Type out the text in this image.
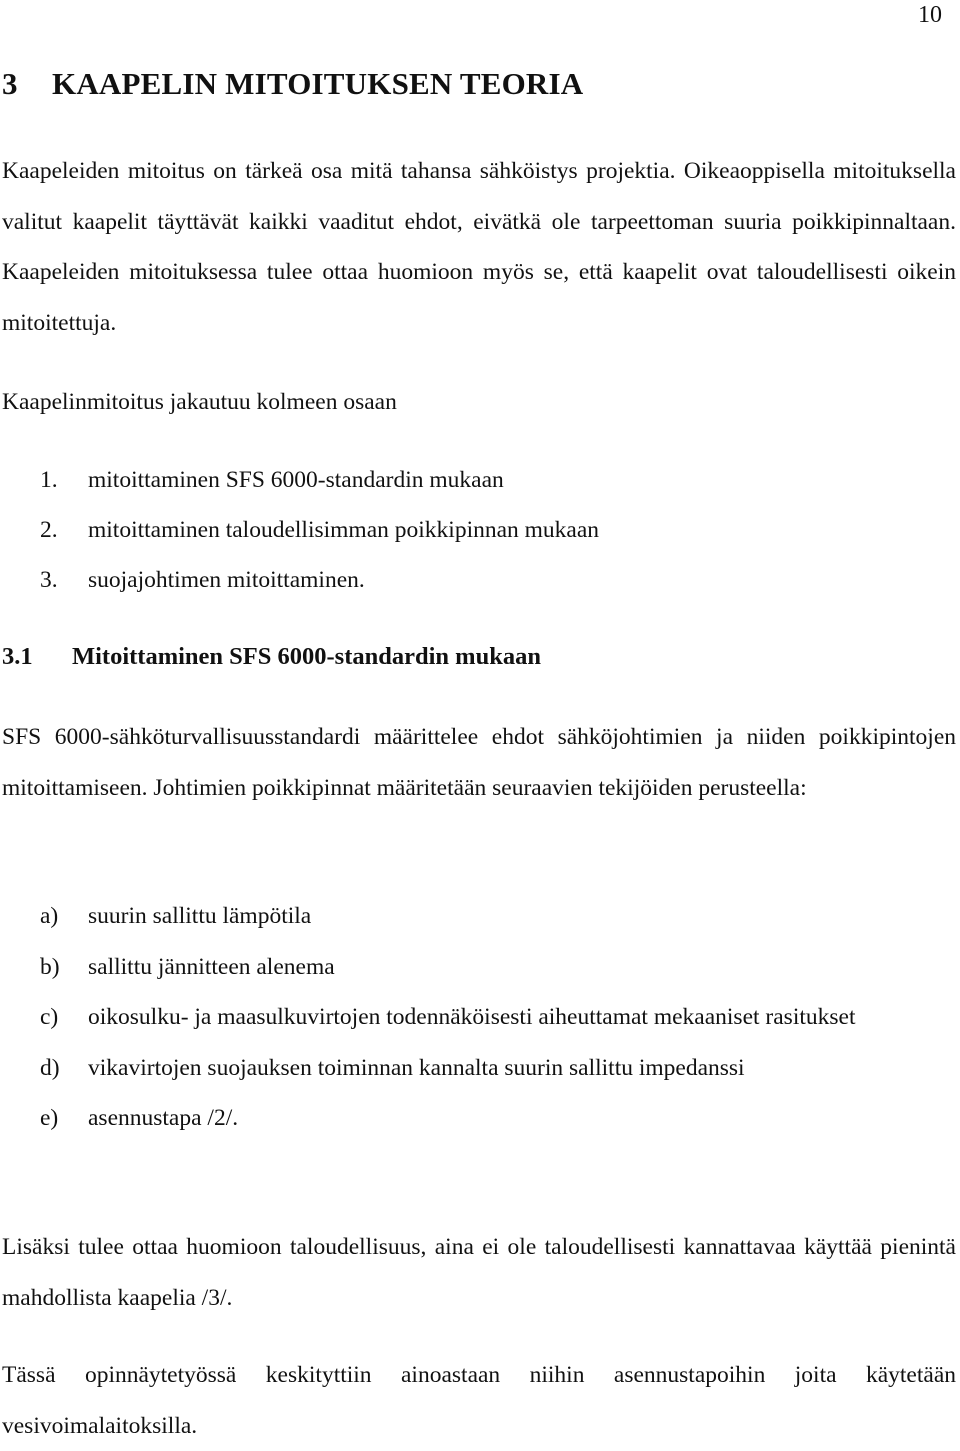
10
3 KAAPELIN MITOITUKSEN TEORIA

Kaapeleiden mitoitus on tärkeä osa mitä tahansa sähköistys projektia. Oikeaoppisella mitoituksella valitut kaapelit täyttävät kaikki vaaditut ehdot, eivätkä ole tarpeettoman suuria poikkipinnaltaan. Kaapeleiden mitoituksessa tulee ottaa huomioon myös se, että kaapelit ovat taloudellisesti oikein mitoitettuja.

Kaapelinmitoitus jakautuu kolmeen osaan

1.	mitoittaminen SFS 6000-standardin mukaan
2.	mitoittaminen taloudellisimman poikkipinnan mukaan
3.	suojajohtimen mitoittaminen.
3.1 Mitoittaminen SFS 6000-standardin mukaan

SFS 6000-sähköturvallisuusstandardi määrittelee ehdot sähköjohtimien ja niiden poikkipintojen mitoittamiseen. Johtimien poikkipinnat määritetään seuraavien tekijöiden perusteella:

a)	suurin sallittu lämpötila
b)	sallittu jännitteen alenema
c)	oikosulku- ja maasulkuvirtojen todennäköisesti aiheuttamat mekaaniset rasitukset
d)	vikavirtojen suojauksen toiminnan kannalta suurin sallittu impedanssi
e)	asennustapa /2/.

Lisäksi tulee ottaa huomioon taloudellisuus, aina ei ole taloudellisesti kannattavaa käyttää pienintä mahdollista kaapelia /3/.

Tässä opinnäytetyössä keskityttiin ainoastaan niihin asennustapoihin joita käytetään vesivoimalaitoksilla.
